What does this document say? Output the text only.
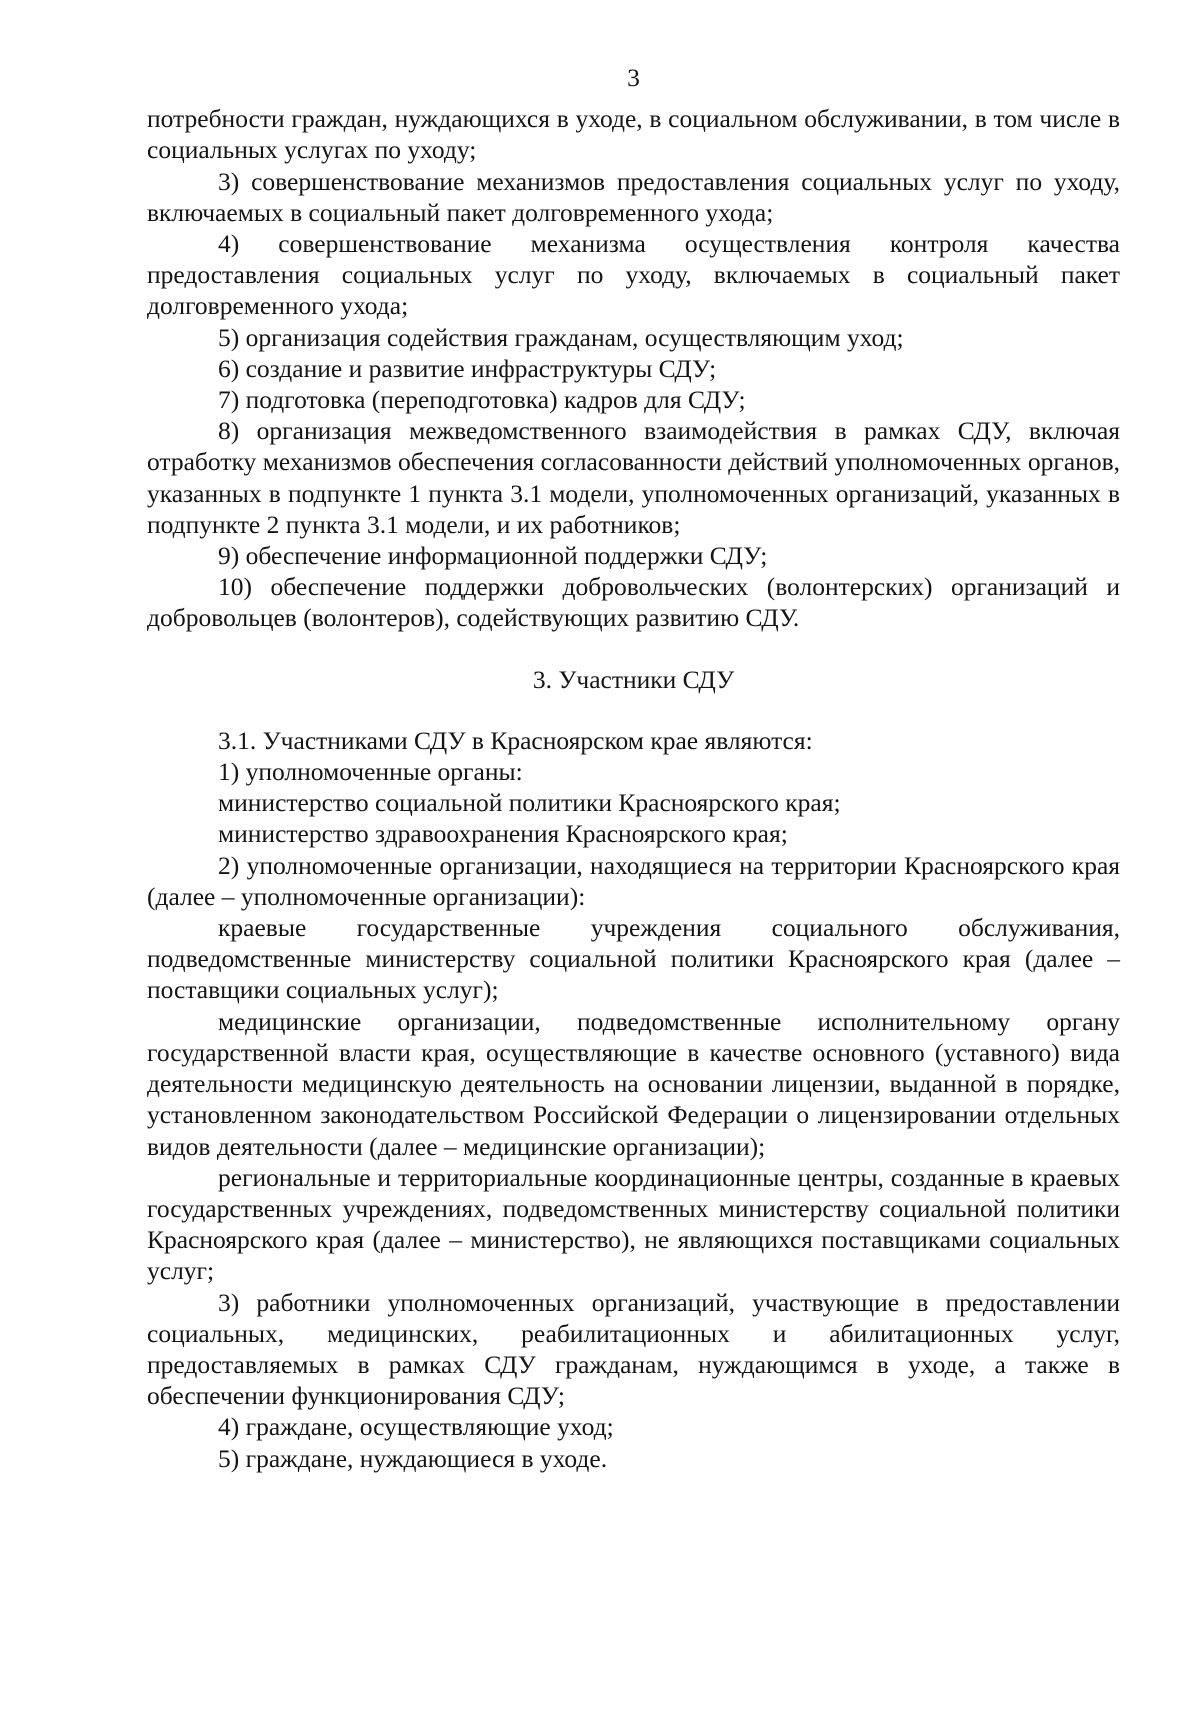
3

потребности граждан, нуждающихся в уходе, в социальном обслуживании, в том числе в социальных услугах по уходу;

3) совершенствование механизмов предоставления социальных услуг по уходу, включаемых в социальный пакет долговременного ухода;

4) совершенствование механизма осуществления контроля качества предоставления социальных услуг по уходу, включаемых в социальный пакет долговременного ухода;

5) организация содействия гражданам, осуществляющим уход;

6) создание и развитие инфраструктуры СДУ;

7) подготовка (переподготовка) кадров для СДУ;

8) организация межведомственного взаимодействия в рамках СДУ, включая отработку механизмов обеспечения согласованности действий уполномоченных органов, указанных в подпункте 1 пункта 3.1 модели, уполномоченных организаций, указанных в подпункте 2 пункта 3.1 модели, и их работников;

9) обеспечение информационной поддержки СДУ;

10) обеспечение поддержки добровольческих (волонтерских) организаций и добровольцев (волонтеров), содействующих развитию СДУ.

3. Участники СДУ

3.1. Участниками СДУ в Красноярском крае являются:

1) уполномоченные органы:

министерство социальной политики Красноярского края;

министерство здравоохранения Красноярского края;

2) уполномоченные организации, находящиеся на территории Красноярского края (далее – уполномоченные организации):

краевые государственные учреждения социального обслуживания, подведомственные министерству социальной политики Красноярского края (далее – поставщики социальных услуг);

медицинские организации, подведомственные исполнительному органу государственной власти края, осуществляющие в качестве основного (уставного) вида деятельности медицинскую деятельность на основании лицензии, выданной в порядке, установленном законодательством Российской Федерации о лицензировании отдельных видов деятельности (далее – медицинские организации);

региональные и территориальные координационные центры, созданные в краевых государственных учреждениях, подведомственных министерству социальной политики Красноярского края (далее – министерство), не являющихся поставщиками социальных услуг;

3) работники уполномоченных организаций, участвующие в предоставлении социальных, медицинских, реабилитационных и абилитационных услуг, предоставляемых в рамках СДУ гражданам, нуждающимся в уходе, а также в обеспечении функционирования СДУ;

4) граждане, осуществляющие уход;

5) граждане, нуждающиеся в уходе.
